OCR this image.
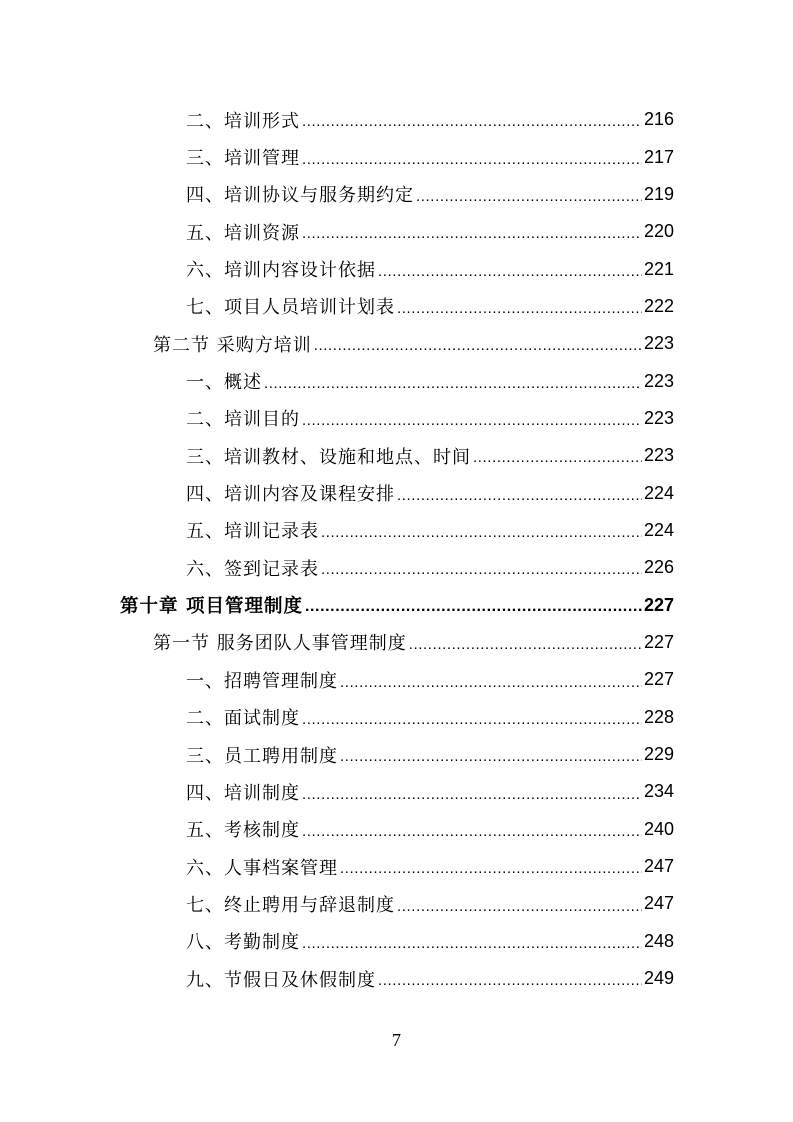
二、培训形式 .....	216
三、培训管理 .....	217
四、培训协议与服务期约定 .....	219
五、培训资源 .....	220
六、培训内容设计依据 .....	221
七、项目人员培训计划表 .....	222
第二节 采购方培训 .....	223
一、概述 .....	223
二、培训目的 .....	223
三、培训教材、设施和地点、时间 .....	223
四、培训内容及课程安排 .....	224
五、培训记录表 .....	224
六、签到记录表 .....	226
第十章 项目管理制度 .....	227
第一节 服务团队人事管理制度 .....	227
一、招聘管理制度 .....	227
二、面试制度 .....	228
三、员工聘用制度 .....	229
四、培训制度 .....	234
五、考核制度 .....	240
六、人事档案管理 .....	247
七、终止聘用与辞退制度 .....	247
八、考勤制度 .....	248
九、节假日及休假制度 .....	249
7
